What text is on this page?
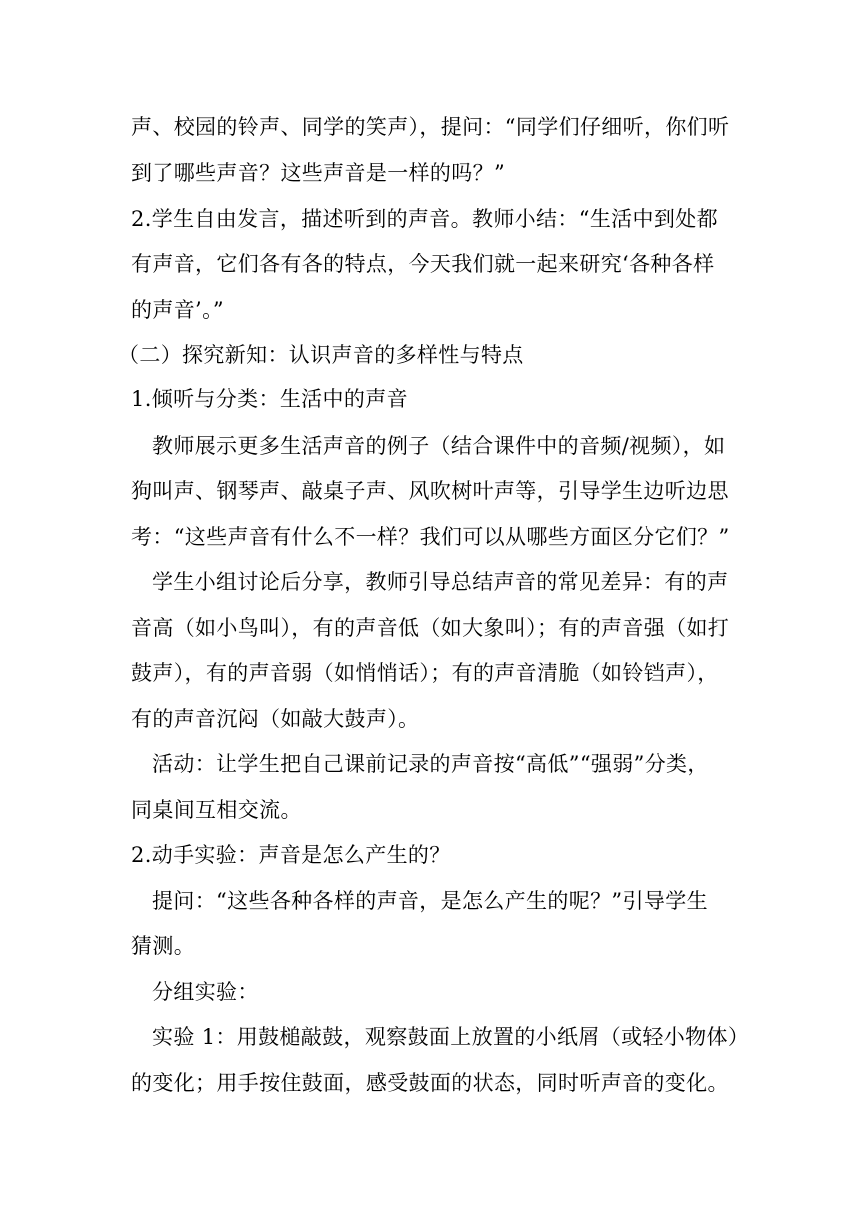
声、校园的铃声、同学的笑声），提问：“同学们仔细听，你们听
到了哪些声音？这些声音是一样的吗？”
2.学生自由发言，描述听到的声音。教师小结：“生活中到处都
有声音，它们各有各的特点，今天我们就一起来研究‘各种各样
的声音’。”
（二）探究新知：认识声音的多样性与特点
1.倾听与分类：生活中的声音
教师展示更多生活声音的例子（结合课件中的音频/视频），如
狗叫声、钢琴声、敲桌子声、风吹树叶声等，引导学生边听边思
考：“这些声音有什么不一样？我们可以从哪些方面区分它们？”
学生小组讨论后分享，教师引导总结声音的常见差异：有的声
音高（如小鸟叫），有的声音低（如大象叫）；有的声音强（如打
鼓声），有的声音弱（如悄悄话）；有的声音清脆（如铃铛声），
有的声音沉闷（如敲大鼓声）。
活动：让学生把自己课前记录的声音按“高低”“强弱”分类，
同桌间互相交流。
2.动手实验：声音是怎么产生的？
提问：“这些各种各样的声音，是怎么产生的呢？”引导学生
猜测。
分组实验：
实验 1：用鼓槌敲鼓，观察鼓面上放置的小纸屑（或轻小物体）
的变化；用手按住鼓面，感受鼓面的状态，同时听声音的变化。
